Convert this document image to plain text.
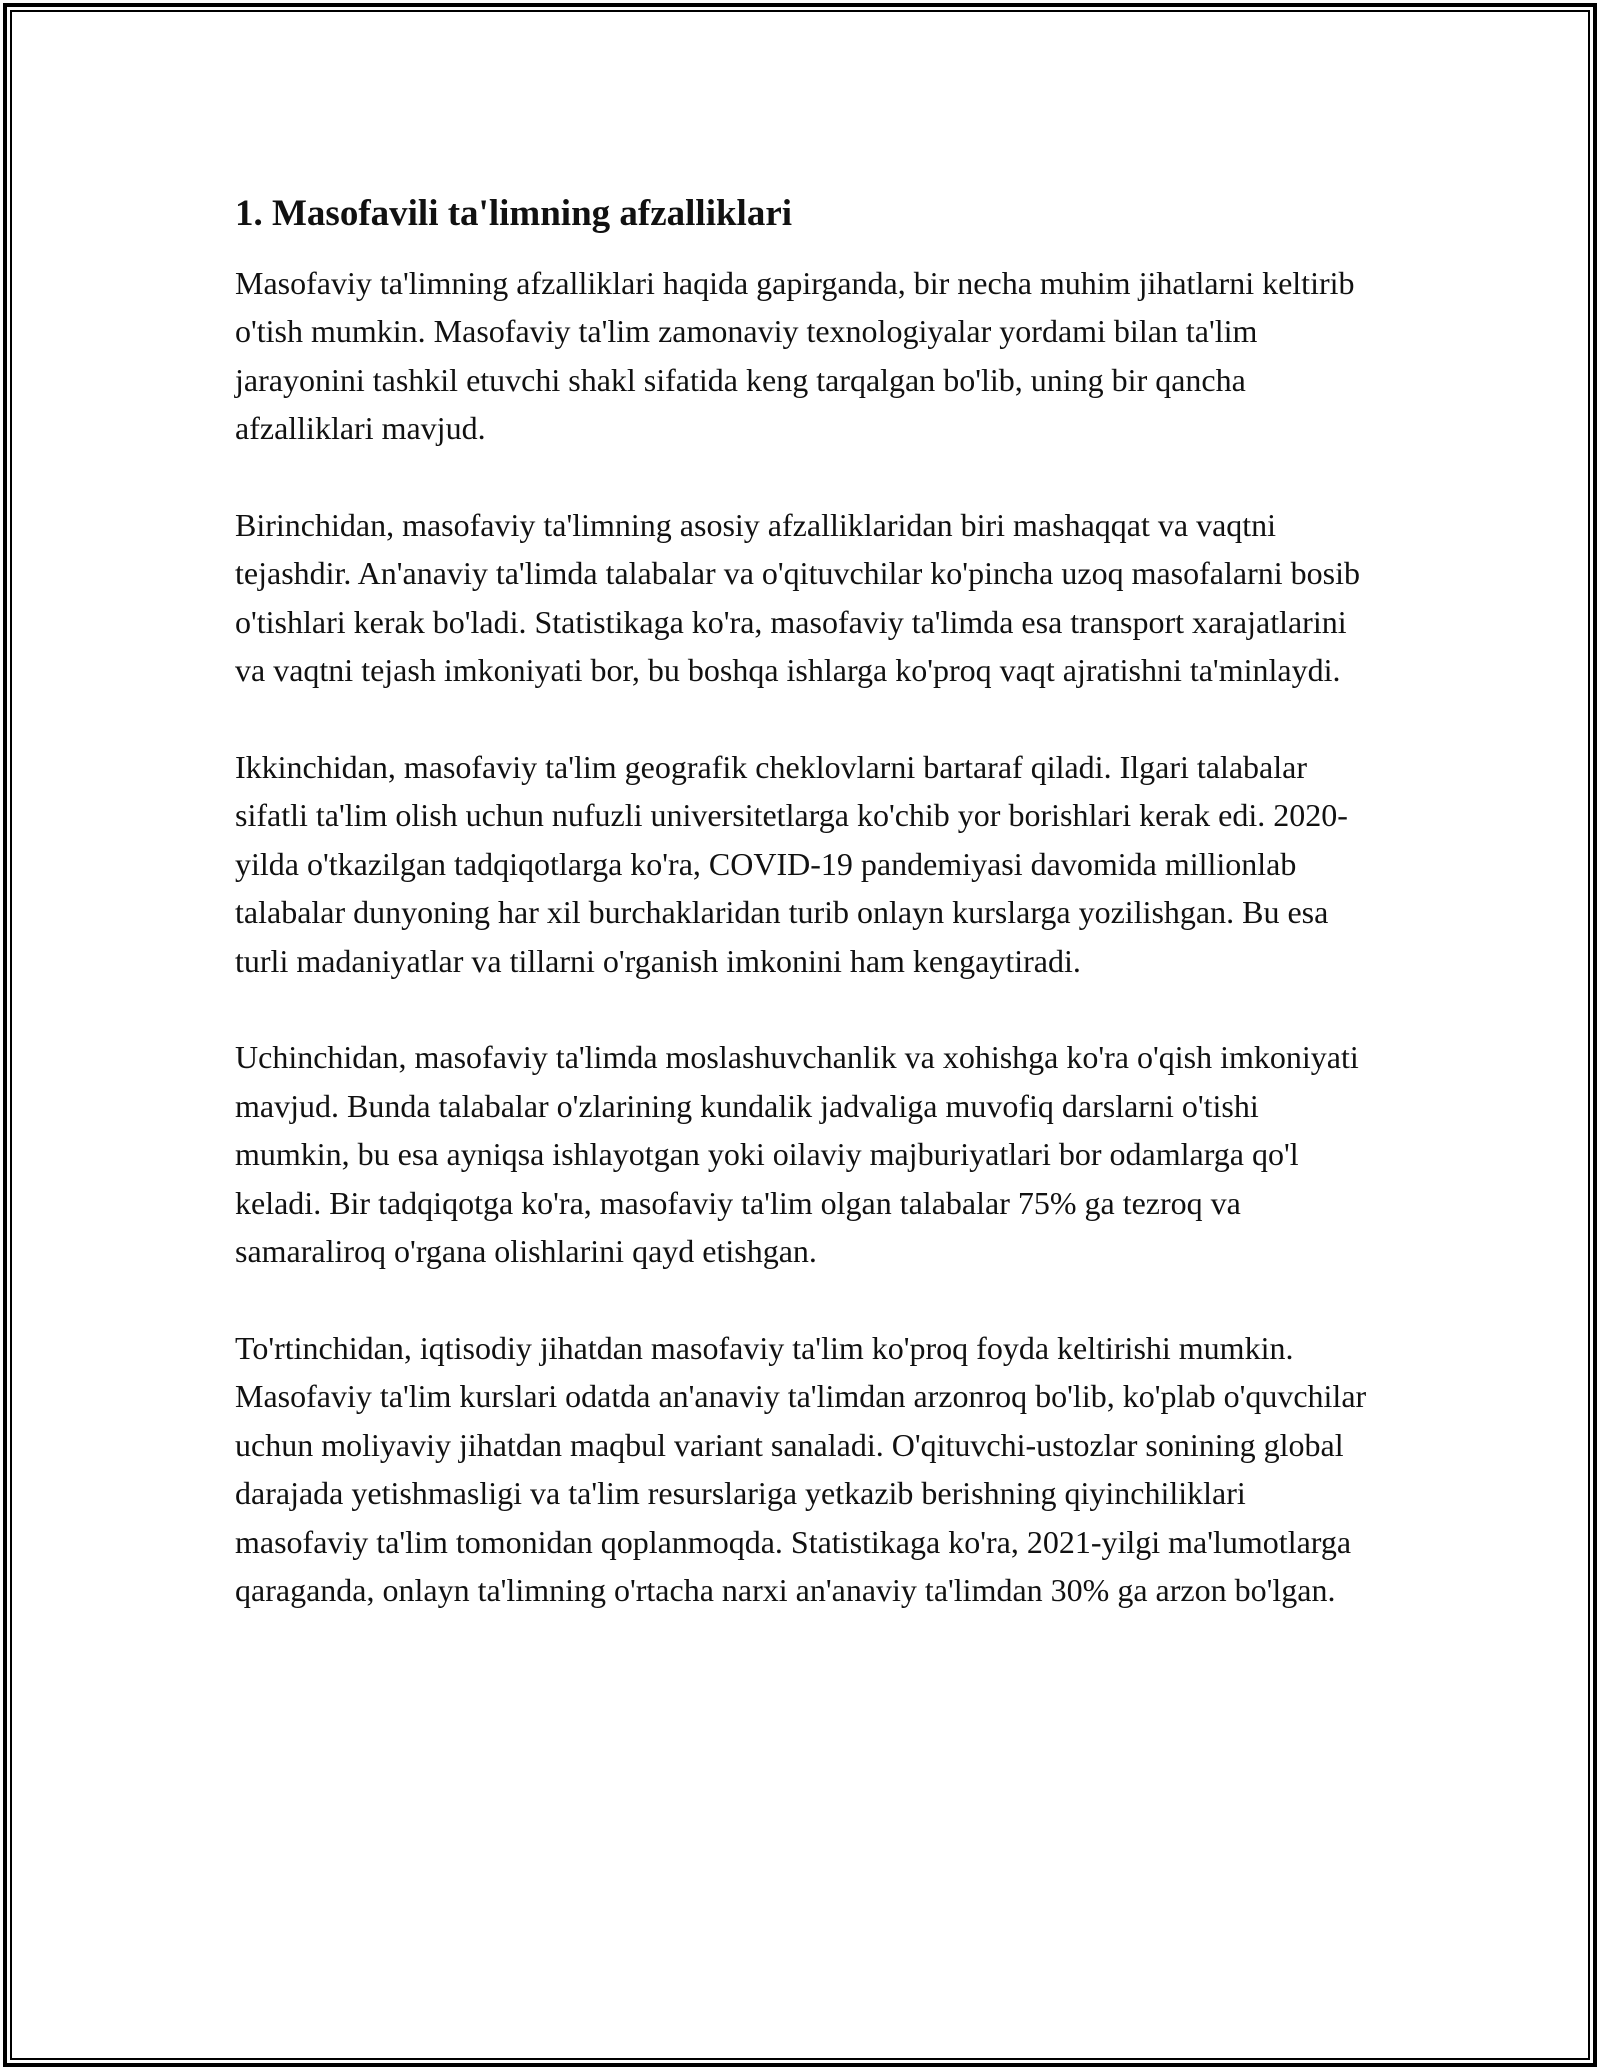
1. Masofavili ta'limning afzalliklari

Masofaviy ta'limning afzalliklari haqida gapirganda, bir necha muhim jihatlarni keltirib o'tish mumkin. Masofaviy ta'lim zamonaviy texnologiyalar yordami bilan ta'lim jarayonini tashkil etuvchi shakl sifatida keng tarqalgan bo'lib, uning bir qancha afzalliklari mavjud.

Birinchidan, masofaviy ta'limning asosiy afzalliklaridan biri mashaqqat va vaqtni tejashdir. An'anaviy ta'limda talabalar va o'qituvchilar ko'pincha uzoq masofalarni bosib o'tishlari kerak bo'ladi. Statistikaga ko'ra, masofaviy ta'limda esa transport xarajatlarini va vaqtni tejash imkoniyati bor, bu boshqa ishlarga ko'proq vaqt ajratishni ta'minlaydi.

Ikkinchidan, masofaviy ta'lim geografik cheklovlarni bartaraf qiladi. Ilgari talabalar sifatli ta'lim olish uchun nufuzli universitetlarga ko'chib yor borishlari kerak edi. 2020-yilda o'tkazilgan tadqiqotlarga ko'ra, COVID-19 pandemiyasi davomida millionlab talabalar dunyoning har xil burchaklaridan turib onlayn kurslarga yozilishgan. Bu esa turli madaniyatlar va tillarni o'rganish imkonini ham kengaytiradi.

Uchinchidan, masofaviy ta'limda moslashuvchanlik va xohishga ko'ra o'qish imkoniyati mavjud. Bunda talabalar o'zlarining kundalik jadvaliga muvofiq darslarni o'tishi mumkin, bu esa ayniqsa ishlayotgan yoki oilaviy majburiyatlari bor odamlarga qo'l keladi. Bir tadqiqotga ko'ra, masofaviy ta'lim olgan talabalar 75% ga tezroq va samaraliroq o'rgana olishlarini qayd etishgan.

To'rtinchidan, iqtisodiy jihatdan masofaviy ta'lim ko'proq foyda keltirishi mumkin. Masofaviy ta'lim kurslari odatda an'anaviy ta'limdan arzonroq bo'lib, ko'plab o'quvchilar uchun moliyaviy jihatdan maqbul variant sanaladi. O'qituvchi-ustozlar sonining global darajada yetishmasligi va ta'lim resurslariga yetkazib berishning qiyinchiliklari masofaviy ta'lim tomonidan qoplanmoqda. Statistikaga ko'ra, 2021-yilgi ma'lumotlarga qaraganda, onlayn ta'limning o'rtacha narxi an'anaviy ta'limdan 30% ga arzon bo'lgan.
